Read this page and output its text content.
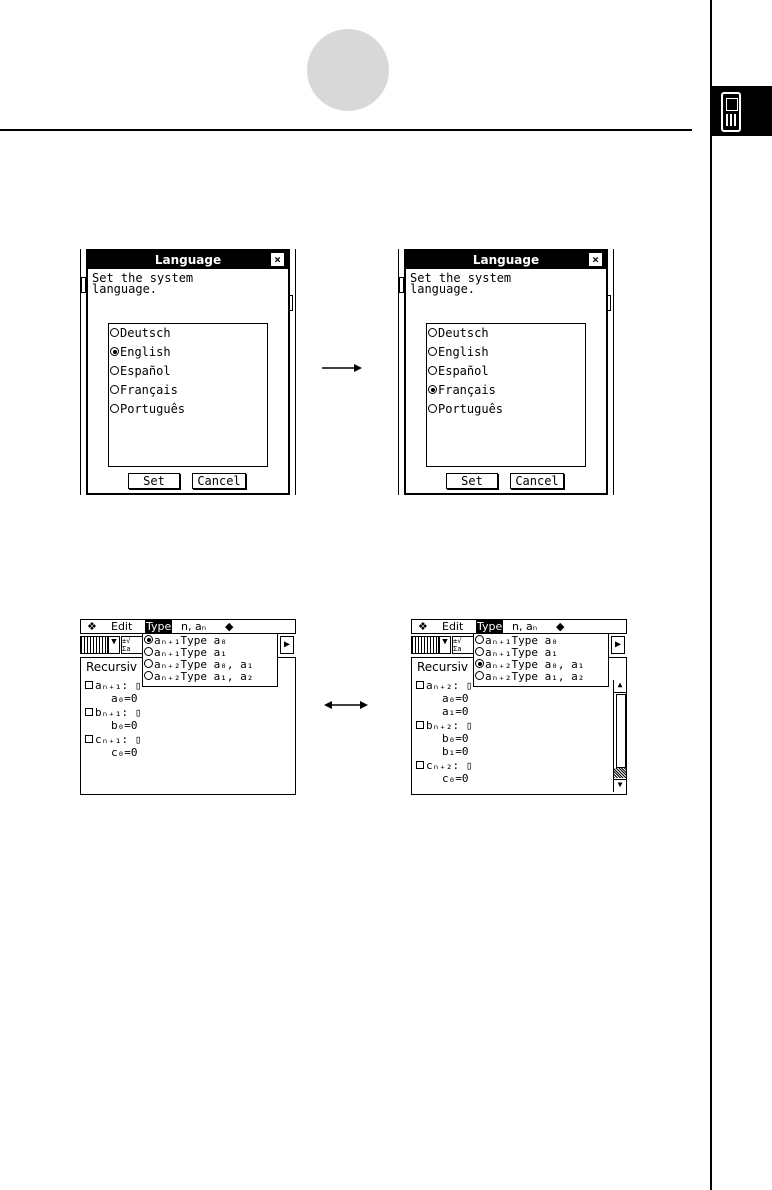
Language	×
Set the system
language.
Deutsch
English
Español
Français
Português
Set	Cancel
Language	×
Set the system
language.
Deutsch
English
Español
Français
Português
Set	Cancel
❖ Edit Type n, aₙ ◆
▼ ±√
Σa	▶
Recursiv
aₙ₊₁: ▯
a₀=0
bₙ₊₁: ▯
b₀=0
cₙ₊₁: ▯
c₀=0
aₙ₊₁Type a₀
aₙ₊₁Type a₁
aₙ₊₂Type a₀, a₁
aₙ₊₂Type a₁, a₂
❖ Edit Type n, aₙ ◆
▼ ±√
Σa	▶
Recursiv
aₙ₊₂: ▯
a₀=0
a₁=0
bₙ₊₂: ▯
b₀=0
b₁=0
cₙ₊₂: ▯
c₀=0
▲
▼
aₙ₊₁Type a₀
aₙ₊₁Type a₁
aₙ₊₂Type a₀, a₁
aₙ₊₂Type a₁, a₂
